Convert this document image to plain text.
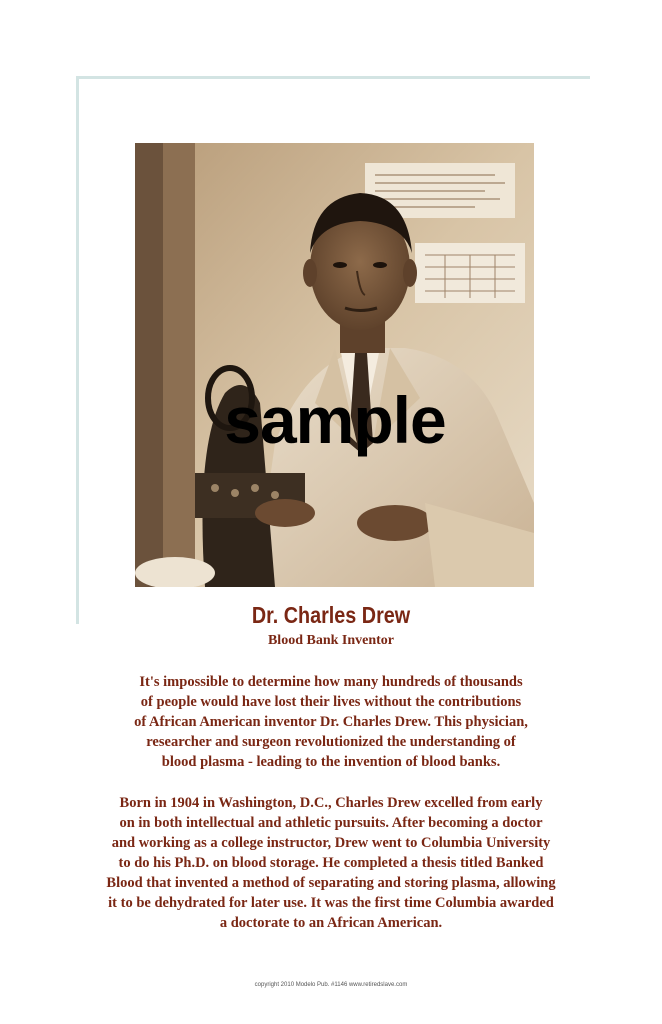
sample
Dr. Charles Drew
Blood Bank Inventor
It's impossible to determine how many hundreds of thousands
of people would have lost their lives without the contributions
of African American inventor Dr. Charles Drew. This physician,
researcher and surgeon revolutionized the understanding of
blood plasma - leading to the invention of blood banks.
Born in 1904 in Washington, D.C., Charles Drew excelled from early
on in both intellectual and athletic pursuits. After becoming a doctor
and working as a college instructor, Drew went to Columbia University
to do his Ph.D. on blood storage. He completed a thesis titled Banked
Blood that invented a method of separating and storing plasma, allowing
it to be dehydrated for later use. It was the first time Columbia awarded
a doctorate to an African American.
copyright 2010 Modelo Pub. #1146 www.retiredslave.com
